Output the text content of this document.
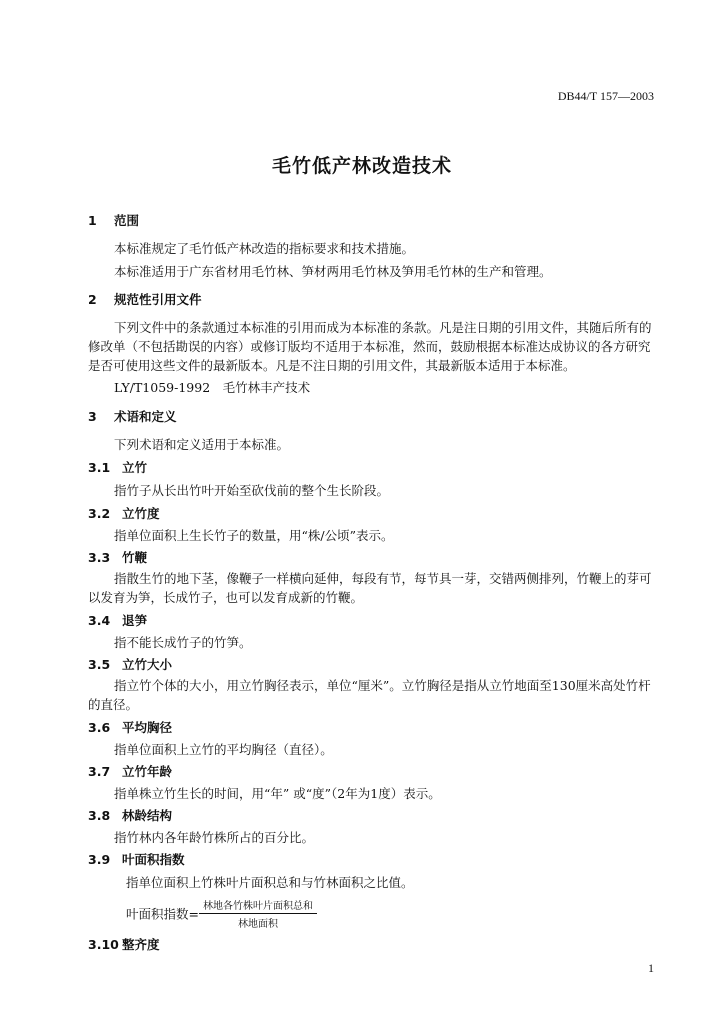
DB44/T 157—2003
毛竹低产林改造技术
1 范围
本标准规定了毛竹低产林改造的指标要求和技术措施。
本标准适用于广东省材用毛竹林、笋材两用毛竹林及笋用毛竹林的生产和管理。
2 规范性引用文件
下列文件中的条款通过本标准的引用而成为本标准的条款。凡是注日期的引用文件，其随后所有的修改单（不包括勘误的内容）或修订版均不适用于本标准，然而，鼓励根据本标准达成协议的各方研究是否可使用这些文件的最新版本。凡是不注日期的引用文件，其最新版本适用于本标准。
LY/T1059-1992　毛竹林丰产技术
3 术语和定义
下列术语和定义适用于本标准。
3.1 立竹
指竹子从长出竹叶开始至砍伐前的整个生长阶段。
3.2 立竹度
指单位面积上生长竹子的数量，用“株/公顷”表示。
3.3 竹鞭
指散生竹的地下茎，像鞭子一样横向延伸，每段有节，每节具一芽，交错两侧排列，竹鞭上的芽可以发育为笋，长成竹子，也可以发育成新的竹鞭。
3.4 退笋
指不能长成竹子的竹笋。
3.5 立竹大小
指立竹个体的大小，用立竹胸径表示，单位“厘米”。立竹胸径是指从立竹地面至130厘米高处竹杆的直径。
3.6 平均胸径
指单位面积上立竹的平均胸径（直径）。
3.7 立竹年龄
指单株立竹生长的时间，用“年” 或“度”（2年为1度）表示。
3.8 林龄结构
指竹林内各年龄竹株所占的百分比。
3.9 叶面积指数
指单位面积上竹株叶片面积总和与竹林面积之比值。
叶面积指数= $\frac{\text{林地各竹株叶片面积总和}}{\text{林地面积}}$
3.10 整齐度
1
